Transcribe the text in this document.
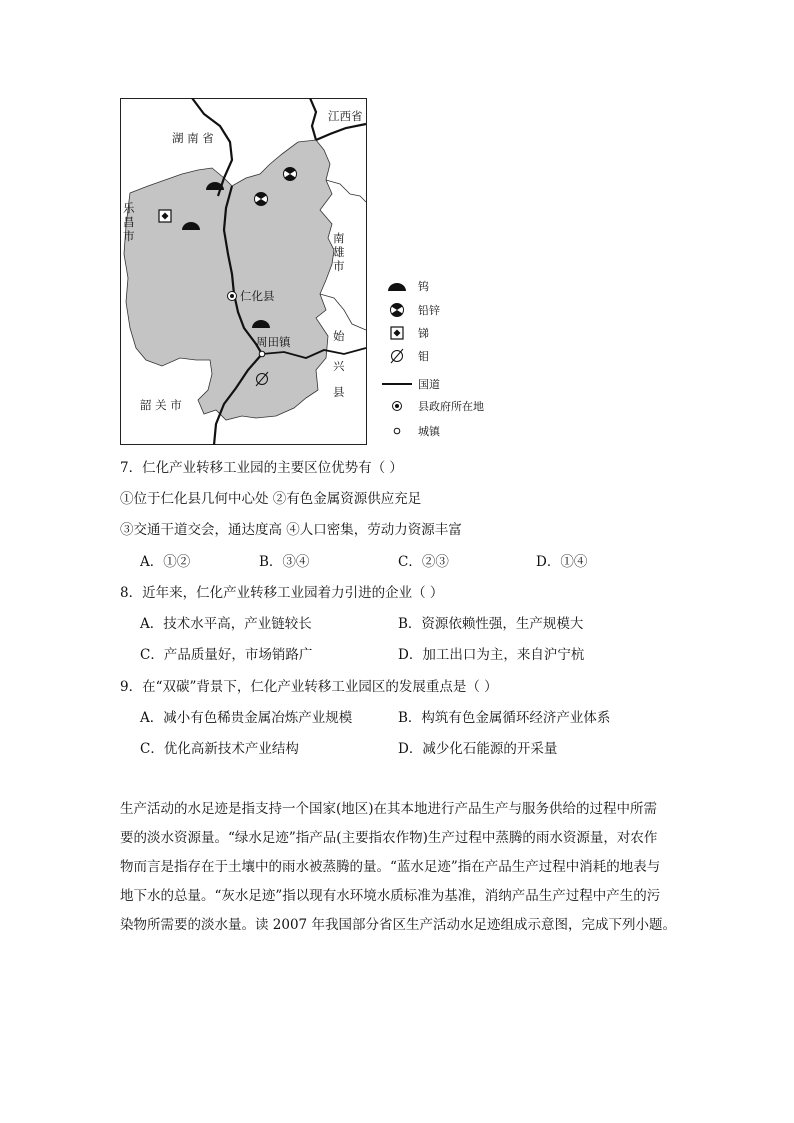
湖 南 省
江西省
乐
昌
市	南
雄
市
始
兴
县
韶 关 市
仁化县
周田镇
钨
铅锌
锑
钼
国道
县政府所在地
城镇
7．仁化产业转移工业园的主要区位优势有（ ）
①位于仁化县几何中心处 ②有色金属资源供应充足
③交通干道交会，通达度高 ④人口密集，劳动力资源丰富
A．①②	B．③④	C．②③	D．①④
8．近年来，仁化产业转移工业园着力引进的企业（ ）
A．技术水平高，产业链较长	B．资源依赖性强，生产规模大
C．产品质量好，市场销路广	D．加工出口为主，来自沪宁杭
9．在“双碳”背景下，仁化产业转移工业园区的发展重点是（ ）
A．减小有色稀贵金属冶炼产业规模	B．构筑有色金属循环经济产业体系
C．优化高新技术产业结构	D．减少化石能源的开采量
生产活动的水足迹是指支持一个国家(地区)在其本地进行产品生产与服务供给的过程中所需
要的淡水资源量。“绿水足迹”指产品(主要指农作物)生产过程中蒸腾的雨水资源量，对农作
物而言是指存在于土壤中的雨水被蒸腾的量。“蓝水足迹”指在产品生产过程中消耗的地表与
地下水的总量。“灰水足迹”指以现有水环境水质标准为基准，消纳产品生产过程中产生的污
染物所需要的淡水量。读 2007 年我国部分省区生产活动水足迹组成示意图，完成下列小题。
